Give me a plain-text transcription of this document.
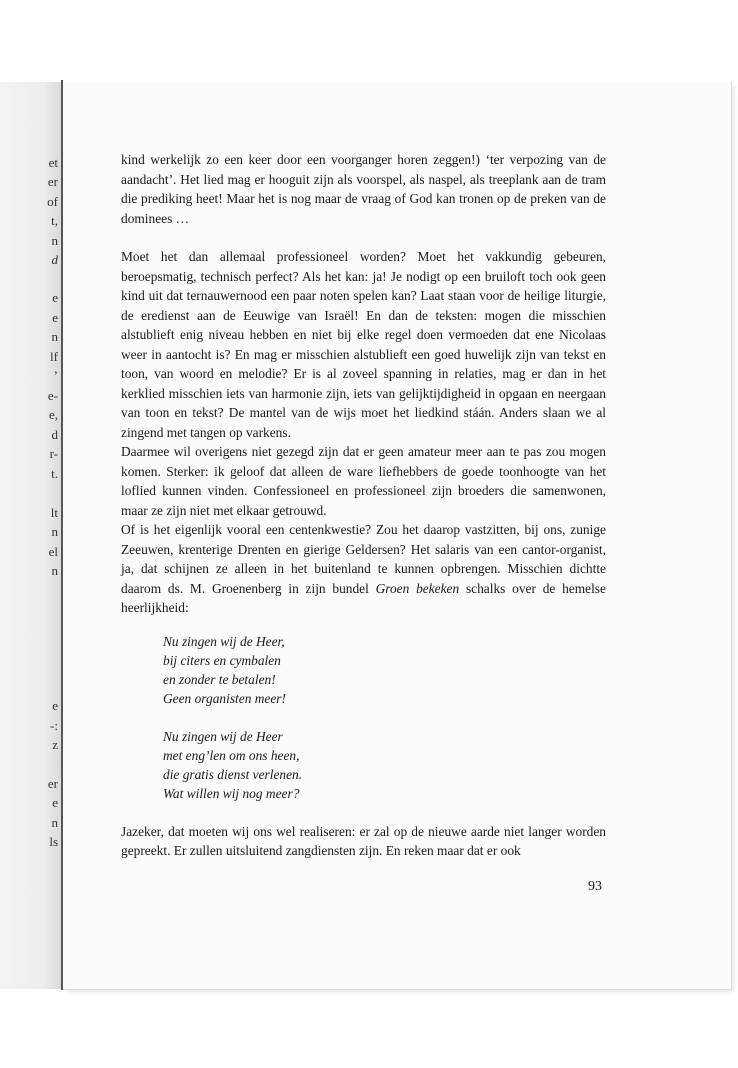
et
er
of
t,
n
d
e
e
n
lf
’
e-
e,
d
r-
t.
lt
n
el
n
e
-:
z
er
e
n
ls

kind werkelijk zo een keer door een voorganger horen zeggen!) ‘ter verpozing van de aandacht’. Het lied mag er hooguit zijn als voorspel, als naspel, als treeplank aan de tram die prediking heet! Maar het is nog maar de vraag of God kan tronen op de preken van de dominees …

Moet het dan allemaal professioneel worden? Moet het vakkundig gebeuren, beroepsmatig, technisch perfect? Als het kan: ja! Je nodigt op een bruiloft toch ook geen kind uit dat ternauwernood een paar noten spelen kan? Laat staan voor de heilige liturgie, de eredienst aan de Eeuwige van Israël! En dan de teksten: mogen die misschien alstublieft enig niveau hebben en niet bij elke regel doen vermoeden dat ene Nicolaas weer in aantocht is? En mag er misschien alstublieft een goed huwelijk zijn van tekst en toon, van woord en melodie? Er is al zoveel spanning in relaties, mag er dan in het kerklied misschien iets van harmonie zijn, iets van gelijktijdigheid in opgaan en neergaan van toon en tekst? De mantel van de wijs moet het liedkind stáán. Anders slaan we al zingend met tangen op varkens.

Daarmee wil overigens niet gezegd zijn dat er geen amateur meer aan te pas zou mogen komen. Sterker: ik geloof dat alleen de ware liefhebbers de goede toonhoogte van het loflied kunnen vinden. Confessioneel en professioneel zijn broeders die samenwonen, maar ze zijn niet met elkaar getrouwd.

Of is het eigenlijk vooral een centenkwestie? Zou het daarop vastzitten, bij ons, zunige Zeeuwen, krenterige Drenten en gierige Geldersen? Het salaris van een cantor-organist, ja, dat schijnen ze alleen in het buitenland te kunnen opbrengen. Misschien dichtte daarom ds. M. Groenenberg in zijn bundel Groen bekeken schalks over de hemelse heerlijkheid:

Nu zingen wij de Heer,
bij citers en cymbalen
en zonder te betalen!
Geen organisten meer!
Nu zingen wij de Heer
met eng’len om ons heen,
die gratis dienst verlenen.
Wat willen wij nog meer?

Jazeker, dat moeten wij ons wel realiseren: er zal op de nieuwe aarde niet langer worden gepreekt. Er zullen uitsluitend zangdiensten zijn. En reken maar dat er ook

93
